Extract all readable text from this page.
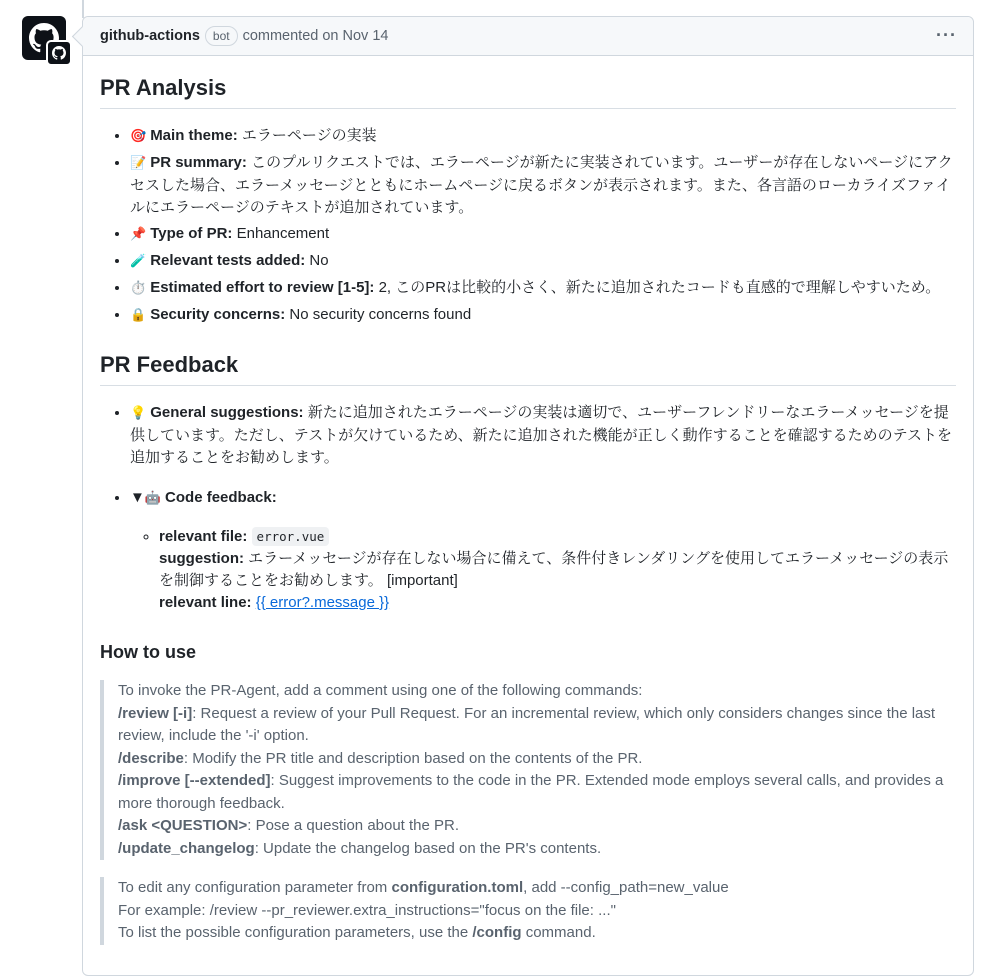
github-actions	bot commented on Nov 14	···
PR Analysis
• 🎯 Main theme: エラーページの実装
• 📝 PR summary: このプルリクエストでは、エラーページが新たに実装されています。ユーザーが存在しないページにアクセスした場合、エラーメッセージとともにホームページに戻るボタンが表示されます。また、各言語のローカライズファイルにエラーページのテキストが追加されています。
• 📌 Type of PR: Enhancement
• 🧪 Relevant tests added: No
• ⏱️ Estimated effort to review [1-5]: 2, このPRは比較的小さく、新たに追加されたコードも直感的で理解しやすいため。
• 🔒 Security concerns: No security concerns found
PR Feedback
• 💡 General suggestions: 新たに追加されたエラーページの実装は適切で、ユーザーフレンドリーなエラーメッセージを提供しています。ただし、テストが欠けているため、新たに追加された機能が正しく動作することを確認するためのテストを追加することをお勧めします。
• ▼🤖 Code feedback:
◦ relevant file: error.vue
suggestion: エラーメッセージが存在しない場合に備えて、条件付きレンダリングを使用してエラーメッセージの表示を制御することをお勧めします。 [important]
relevant line: {{ error?.message }}
How to use
To invoke the PR-Agent, add a comment using one of the following commands:
/review [-i]: Request a review of your Pull Request. For an incremental review, which only considers changes since the last review, include the '-i' option.
/describe: Modify the PR title and description based on the contents of the PR.
/improve [--extended]: Suggest improvements to the code in the PR. Extended mode employs several calls, and provides a more thorough feedback.
/ask <QUESTION>: Pose a question about the PR.
/update_changelog: Update the changelog based on the PR's contents.
To edit any configuration parameter from configuration.toml, add --config_path=new_value
For example: /review --pr_reviewer.extra_instructions="focus on the file: ..."
To list the possible configuration parameters, use the /config command.
